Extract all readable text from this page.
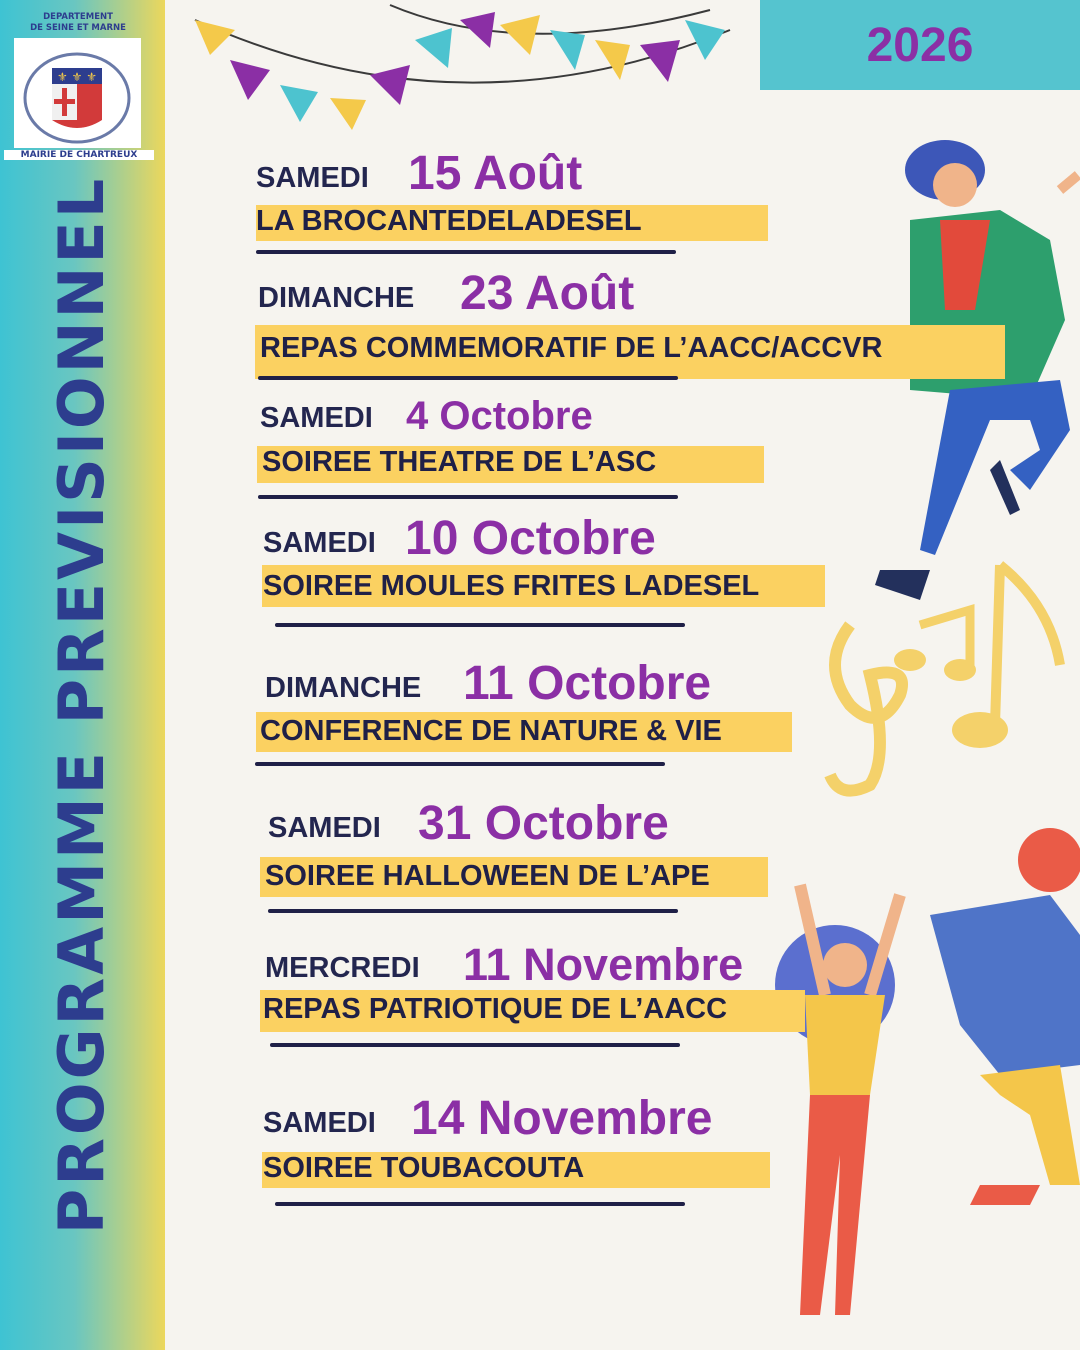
DEPARTEMENT
DE SEINE ET MARNE
⚜ ⚜ ⚜
MAIRIE DE CHARTREUX
PROGRAMME PREVISIONNEL
2026
SAMEDI 15 Août
LA BROCANTEDELADESEL
DIMANCHE 23 Août
REPAS COMMEMORATIF DE L’AACC/ACCVR
SAMEDI 4 Octobre
SOIREE THEATRE DE L’ASC
SAMEDI 10 Octobre
SOIREE MOULES FRITES LADESEL
DIMANCHE 11 Octobre
CONFERENCE DE NATURE & VIE
SAMEDI 31 Octobre
SOIREE HALLOWEEN DE L’APE
MERCREDI 11 Novembre
REPAS PATRIOTIQUE DE L’AACC
SAMEDI 14 Novembre
SOIREE TOUBACOUTA
